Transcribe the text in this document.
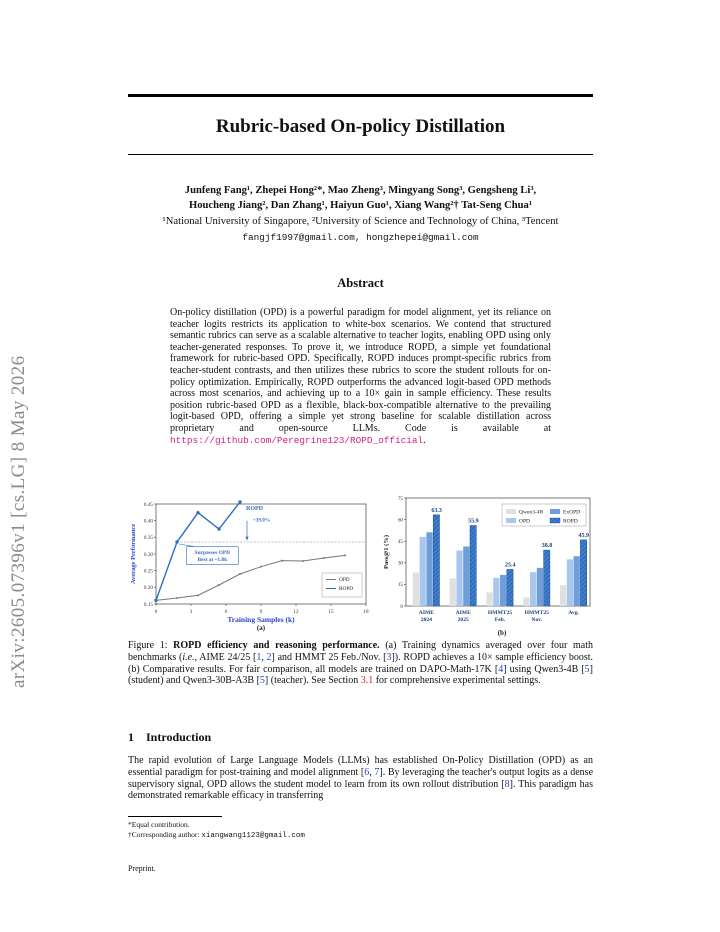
arXiv:2605.07396v1 [cs.LG] 8 May 2026
Rubric-based On-policy Distillation
Junfeng Fang¹, Zhepei Hong²*, Mao Zheng³, Mingyang Song³, Gengsheng Li³,
Houcheng Jiang², Dan Zhang¹, Haiyun Guo¹, Xiang Wang²† Tat-Seng Chua¹
¹National University of Singapore, ²University of Science and Technology of China, ³Tencent
fangjf1997@gmail.com, hongzhepei@gmail.com
Abstract
On-policy distillation (OPD) is a powerful paradigm for model alignment, yet its reliance on teacher logits restricts its application to white-box scenarios. We contend that structured semantic rubrics can serve as a scalable alternative to teacher logits, enabling OPD using only teacher-generated responses. To prove it, we introduce ROPD, a simple yet foundational framework for rubric-based OPD. Specifically, ROPD induces prompt-specific rubrics from teacher-student contrasts, and then utilizes these rubrics to score the student rollouts for on-policy optimization. Empirically, ROPD outperforms the advanced logit-based OPD methods across most scenarios, and achieving up to a 10× gain in sample efficiency. These results position rubric-based OPD as a flexible, black-box-compatible alternative to the prevailing logit-based OPD, offering a simple yet strong baseline for scalable distillation across proprietary and open-source LLMs. Code is available at https://github.com/Peregrine123/ROPD_official.
0.15
0.20
0.25
0.30
0.35
0.40
0.45
0	3	6	9	12	15	18
Training Samples (k)
(a)
Average Performance
ROPD
+39.0%
Surpasses OPD
Best at ~1.8k
OPD
ROPD
0
15
30
45
60
75
Pass@1 (%)
63.3
AIME
2024
55.9
AIME
2025
25.4
HMMT25
Feb.
38.8
HMMT25
Nov.
45.9
Avg.
(b)
Qwen3-4B	ExOPD
OPD	ROPD
Figure 1: ROPD efficiency and reasoning performance. (a) Training dynamics averaged over four math benchmarks (i.e., AIME 24/25 [1, 2] and HMMT 25 Feb./Nov. [3]). ROPD achieves a 10× sample efficiency boost. (b) Comparative results. For fair comparison, all models are trained on DAPO-Math-17K [4] using Qwen3-4B [5] (student) and Qwen3-30B-A3B [5] (teacher). See Section 3.1 for comprehensive experimental settings.
1 Introduction
The rapid evolution of Large Language Models (LLMs) has established On-Policy Distillation (OPD) as an essential paradigm for post-training and model alignment [6, 7]. By leveraging the teacher's output logits as a dense supervisory signal, OPD allows the student model to learn from its own rollout distribution [8]. This paradigm has demonstrated remarkable efficacy in transferring
*Equal contribution.
†Corresponding author: xiangwang1123@gmail.com
Preprint.
